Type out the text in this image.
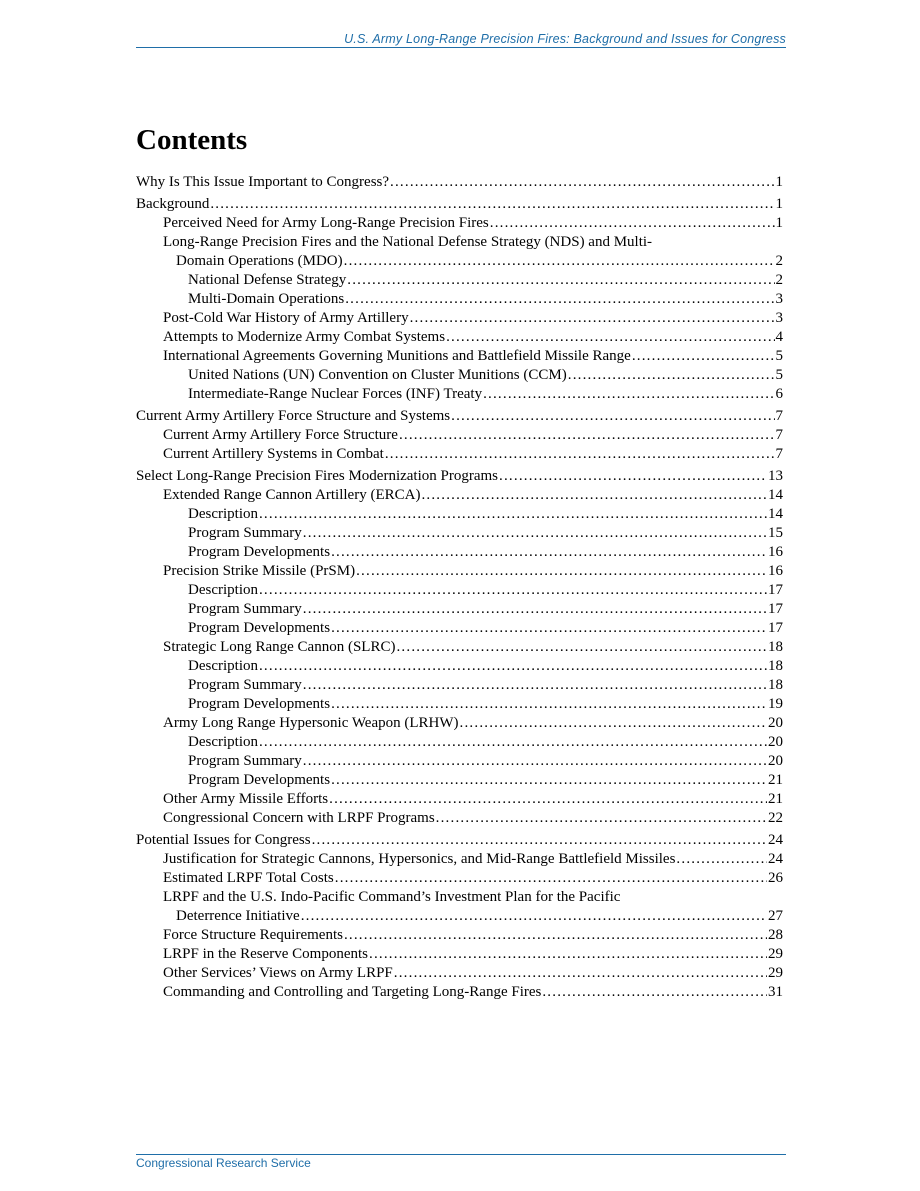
U.S. Army Long-Range Precision Fires: Background and Issues for Congress
Contents
Why Is This Issue Important to Congress? .....	1
Background .....	1
Perceived Need for Army Long-Range Precision Fires .....	1
Long-Range Precision Fires and the National Defense Strategy (NDS) and Multi-
Domain Operations (MDO) .....	2
National Defense Strategy .....	2
Multi-Domain Operations .....	3
Post-Cold War History of Army Artillery .....	3
Attempts to Modernize Army Combat Systems .....	4
International Agreements Governing Munitions and Battlefield Missile Range .....	5
United Nations (UN) Convention on Cluster Munitions (CCM) .....	5
Intermediate-Range Nuclear Forces (INF) Treaty .....	6
Current Army Artillery Force Structure and Systems .....	7
Current Army Artillery Force Structure .....	7
Current Artillery Systems in Combat .....	7
Select Long-Range Precision Fires Modernization Programs .....	13
Extended Range Cannon Artillery (ERCA) .....	14
Description .....	14
Program Summary .....	15
Program Developments .....	16
Precision Strike Missile (PrSM) .....	16
Description .....	17
Program Summary .....	17
Program Developments .....	17
Strategic Long Range Cannon (SLRC) .....	18
Description .....	18
Program Summary .....	18
Program Developments .....	19
Army Long Range Hypersonic Weapon (LRHW) .....	20
Description .....	20
Program Summary .....	20
Program Developments .....	21
Other Army Missile Efforts .....	21
Congressional Concern with LRPF Programs .....	22
Potential Issues for Congress .....	24
Justification for Strategic Cannons, Hypersonics, and Mid-Range Battlefield Missiles .....	24
Estimated LRPF Total Costs .....	26
LRPF and the U.S. Indo-Pacific Command’s Investment Plan for the Pacific
Deterrence Initiative .....	27
Force Structure Requirements .....	28
LRPF in the Reserve Components .....	29
Other Services’ Views on Army LRPF .....	29
Commanding and Controlling and Targeting Long-Range Fires .....	31
Congressional Research Service
